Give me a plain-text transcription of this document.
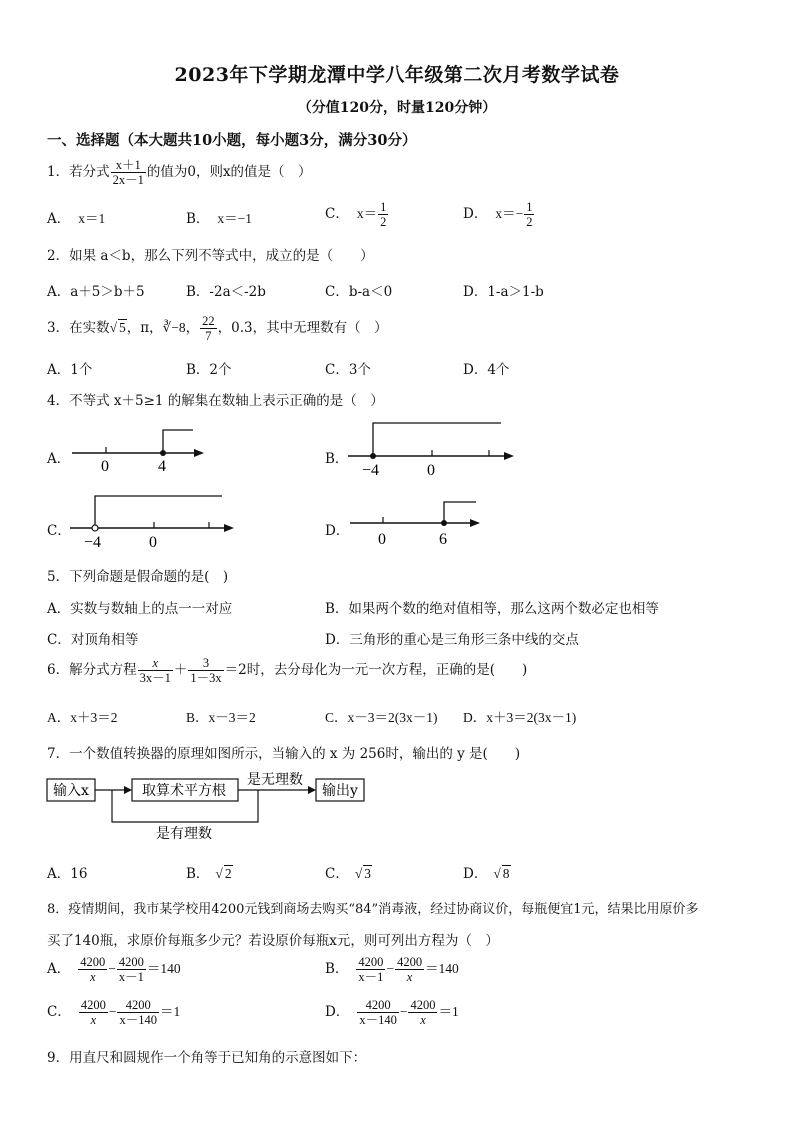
2023年下学期龙潭中学八年级第二次月考数学试卷
（分值120分，时量120分钟）
一、选择题（本大题共10小题，每小题3分，满分30分）
1．若分式 $\frac{x+1}{2x-1}$ 的值为0，则x的值是（　）
A． x＝1	B． x＝−1	C． $x= \frac{1}{2}$	D． $x=- \frac{1}{2}$
2．如果 a＜b，那么下列不等式中，成立的是（　　）
A．a＋5＞b＋5	B．-2a＜-2b	C．b-a＜0	D．1-a＞1-b
3．在实数√ 5，π，∛−8， $\frac{22}{7}$ ，0.3，其中无理数有（　）
A．1个	B．2个	C．3个	D．4个
4．不等式 x＋5≥1 的解集在数轴上表示正确的是（　）
A． 0	4	B．
−4	0
C．
−4	0
D． 0	6
5．下列命题是假命题的是(　)
A．实数与数轴上的点一一对应	B．如果两个数的绝对值相等，那么这两个数必定也相等
C．对顶角相等	D．三角形的重心是三角形三条中线的交点
6．解分式方程 $\frac{x}{3x-1} + \frac{3}{1-3x} =2$时，去分母化为一元一次方程，正确的是(　　)
A．x＋3＝2	B．x－3＝2	C．x－3＝2(3x－1) D．x＋3＝2(3x－1)
7．一个数值转换器的原理如图所示，当输入的 x 为 256时，输出的 y 是(　　)
输入x	取算术平方根
是无理数
输出y
是有理数
A．16	B． √ 2	C． √ 3	D． √ 8
8．疫情期间，我市某学校用4200元钱到商场去购买“84”消毒液，经过协商议价，每瓶便宜1元，结果比用原价多
买了140瓶，求原价每瓶多少元？若设原价每瓶x元，则可列出方程为（　）
A． $\frac{4200}{x} - \frac{4200}{x-1} =140$	B． $\frac{4200}{x-1} - \frac{4200}{x} =140$
C． $\frac{4200}{x} - \frac{4200}{x-140} =1$	D． $\frac{4200}{x-140} - \frac{4200}{x} =1$
9．用直尺和圆规作一个角等于已知角的示意图如下：
